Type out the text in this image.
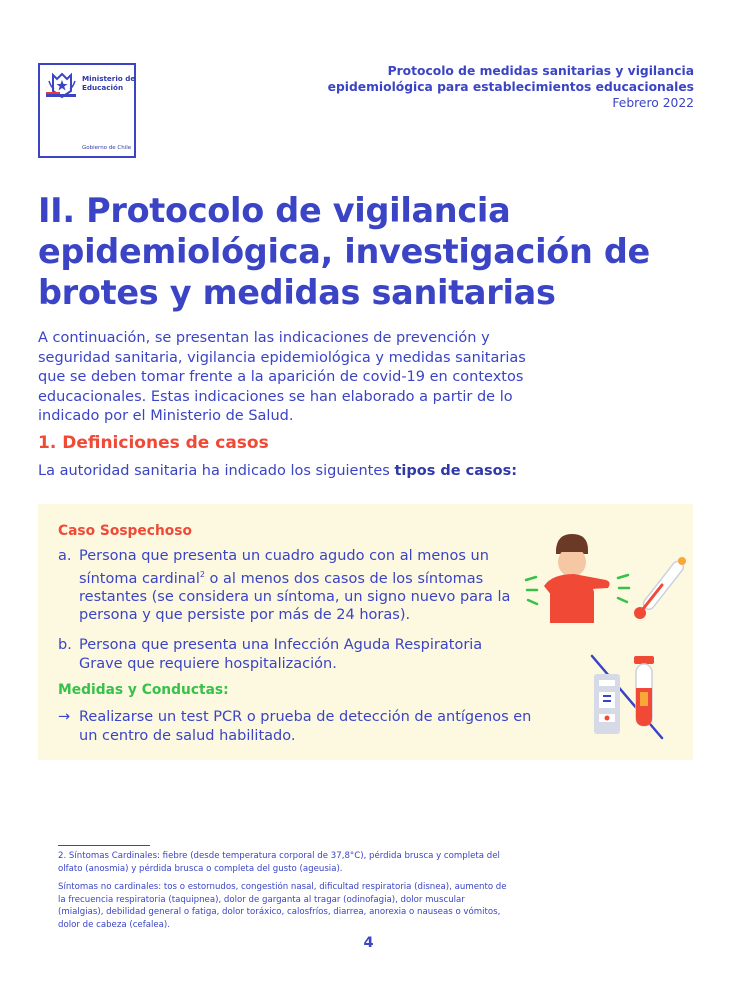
Ministerio de Educación
Gobierno de Chile
Protocolo de medidas sanitarias y vigilancia
epidemiológica para establecimientos educacionales
Febrero 2022
II. Protocolo de vigilancia epidemiológica, investigación de brotes y medidas sanitarias

A continuación, se presentan las indicaciones de prevención y seguridad sanitaria, vigilancia epidemiológica y medidas sanitarias que se deben tomar frente a la aparición de covid-19 en contextos educacionales. Estas indicaciones se han elaborado a partir de lo indicado por el Ministerio de Salud.

1. Definiciones de casos

La autoridad sanitaria ha indicado los siguientes tipos de casos:

Caso Sospechoso
a. Persona que presenta un cuadro agudo con al menos un síntoma cardinal$^2$ o al menos dos casos de los síntomas restantes (se considera un síntoma, un signo nuevo para la persona y que persiste por más de 24 horas).
b. Persona que presenta una Infección Aguda Respiratoria Grave que requiere hospitalización.
Medidas y Conductas:
→ Realizarse un test PCR o prueba de detección de antígenos en un centro de salud habilitado.

2. Síntomas Cardinales: fiebre (desde temperatura corporal de 37,8°C), pérdida brusca y completa del olfato (anosmia) y pérdida brusca o completa del gusto (ageusia).

Síntomas no cardinales: tos o estornudos, congestión nasal, dificultad respiratoria (disnea), aumento de la frecuencia respiratoria (taquipnea), dolor de garganta al tragar (odinofagia), dolor muscular (mialgias), debilidad general o fatiga, dolor toráxico, calosfríos, diarrea, anorexia o nauseas o vómitos, dolor de cabeza (cefalea).

4
